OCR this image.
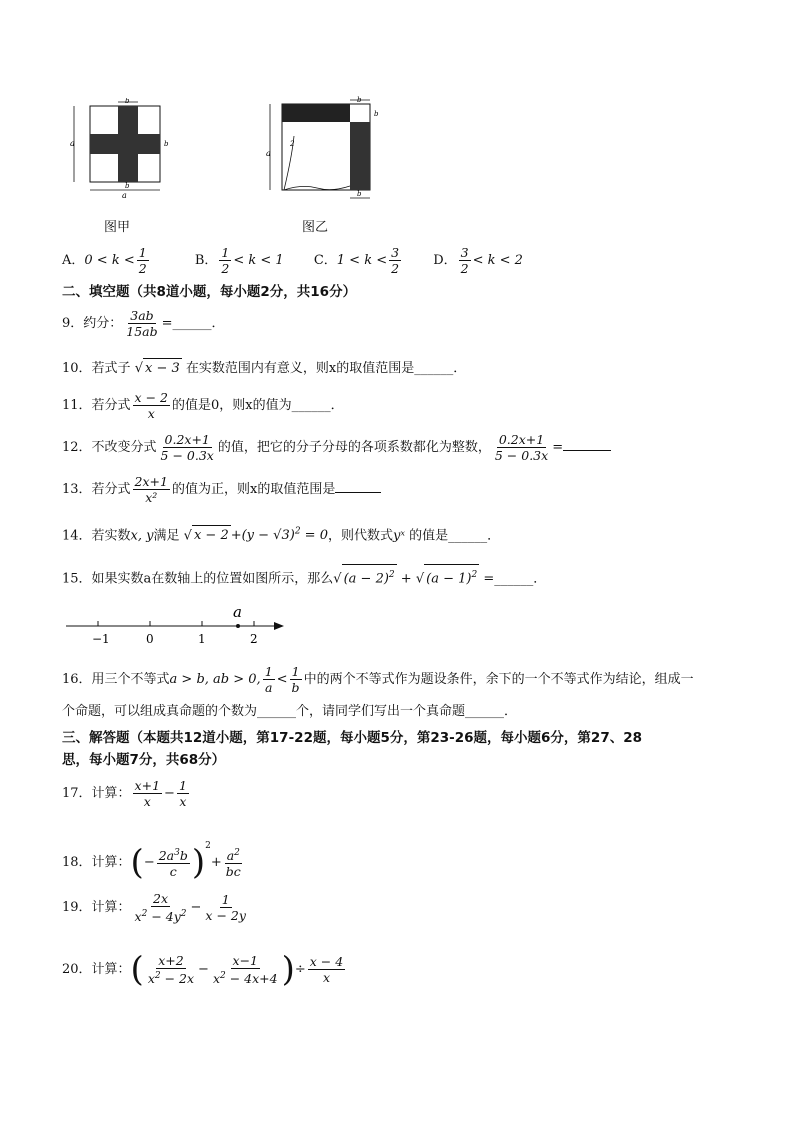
b
a
a
b
b
图甲
a
2
b
b
b
图乙
A．$0 < k < \frac{1}{2}$	B． $\frac{1}{2} < k < 1$ C．$1 < k < \frac{3}{2}$ D． $\frac{3}{2} < k < 2$
二、填空题（共8道小题，每小题2分，共16分）
9．约分： $\frac{3ab}{15ab}$ =______．
10．若式子 √ x − 3 在实数范围内有意义，则x的取值范围是______．
11．若分式 $\frac{x - 2}{x}$ 的值是0，则x的值为______．
12．不改变分式 $\frac{0.2x+1}{5 - 0.3x}$ 的值，把它的分子分母的各项系数都化为整数， $\frac{0.2x+1}{5 - 0.3x}$ =
13．若分式 $\frac{2x+1}{\text{x²}}$ 的值为正，则x的取值范围是
14．若实数x, y满足 √ $x - 2 +(y - √3)^2 = 0$，则代数式yˣ 的值是______．
15．如果实数a在数轴上的位置如图所示，那么√ $(a - 2)^2$ + √ $(a - 1)^2$ =______．
−1	0	1	2
a
16．用三个不等式a > b, ab > 0, $\frac{1}{a} < \frac{1}{b}$ 中的两个不等式作为题设条件，余下的一个不等式作为结论，组成一
个命题，可以组成真命题的个数为______个，请同学们写出一个真命题______．
三、解答题（本题共12道小题，第17-22题，每小题5分，第23-26题，每小题6分，第27、28
思，每小题7分，共68分）
17．计算： $\frac{x+1}{x} - \frac{1}{x}$
18．计算：(− $\frac{2a^3b}{c} )^2+ \frac{a^2}{bc}$
19．计算： $\frac{2x}{x^2 - 4y^2} - \frac{1}{x - 2y}$
20．计算：( $\frac{x+2}{x^2 - 2x} - \frac{x-1}{x^2 - 4x+4}$ )÷ $\frac{x - 4}{x}$
